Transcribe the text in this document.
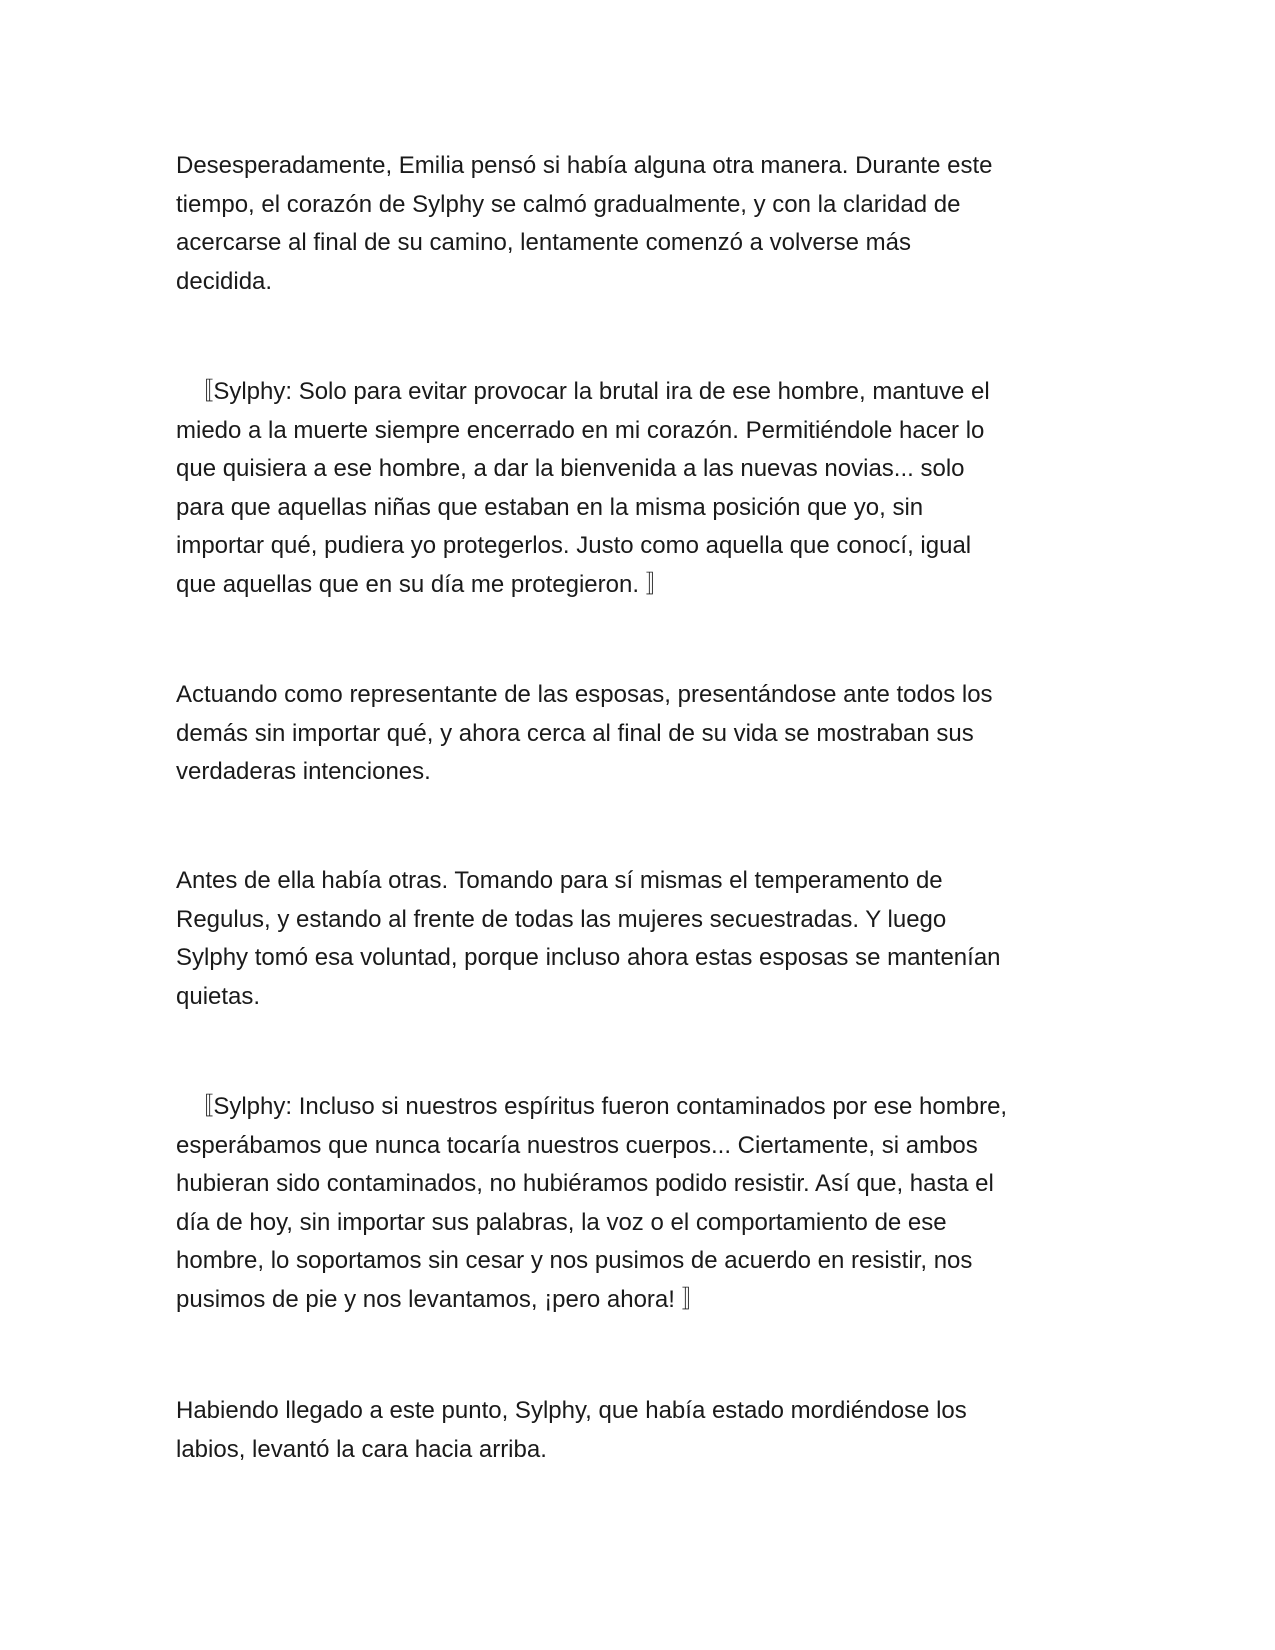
Desesperadamente, Emilia pensó si había alguna otra manera. Durante este
tiempo, el corazón de Sylphy se calmó gradualmente, y con la claridad de
acercarse al final de su camino, lentamente comenzó a volverse más
decidida.

〚Sylphy: Solo para evitar provocar la brutal ira de ese hombre, mantuve el
miedo a la muerte siempre encerrado en mi corazón. Permitiéndole hacer lo
que quisiera a ese hombre, a dar la bienvenida a las nuevas novias... solo
para que aquellas niñas que estaban en la misma posición que yo, sin
importar qué, pudiera yo protegerlos. Justo como aquella que conocí, igual
que aquellas que en su día me protegieron. 〛

Actuando como representante de las esposas, presentándose ante todos los
demás sin importar qué, y ahora cerca al final de su vida se mostraban sus
verdaderas intenciones.

Antes de ella había otras. Tomando para sí mismas el temperamento de
Regulus, y estando al frente de todas las mujeres secuestradas. Y luego
Sylphy tomó esa voluntad, porque incluso ahora estas esposas se mantenían
quietas.

〚Sylphy: Incluso si nuestros espíritus fueron contaminados por ese hombre,
esperábamos que nunca tocaría nuestros cuerpos... Ciertamente, si ambos
hubieran sido contaminados, no hubiéramos podido resistir. Así que, hasta el
día de hoy, sin importar sus palabras, la voz o el comportamiento de ese
hombre, lo soportamos sin cesar y nos pusimos de acuerdo en resistir, nos
pusimos de pie y nos levantamos, ¡pero ahora! 〛

Habiendo llegado a este punto, Sylphy, que había estado mordiéndose los
labios, levantó la cara hacia arriba.
